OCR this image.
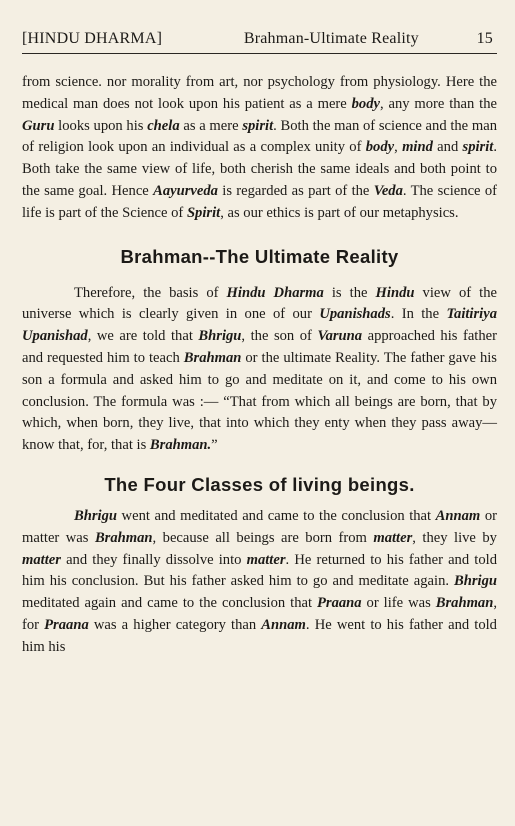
[HINDU DHARMA]	Brahman-Ultimate Reality	15

from science. nor morality from art, nor psychology from physiology. Here the medical man does not look upon his patient as a mere body, any more than the Guru looks upon his chela as a mere spirit. Both the man of science and the man of religion look upon an individual as a complex unity of body, mind and spirit. Both take the same view of life, both cherish the same ideals and both point to the same goal. Hence Aayurveda is regarded as part of the Veda. The science of life is part of the Science of Spirit, as our ethics is part of our metaphysics.

Brahman--The Ultimate Reality

Therefore, the basis of Hindu Dharma is the Hindu view of the universe which is clearly given in one of our Upanishads. In the Taitiriya Upanishad, we are told that Bhrigu, the son of Varuna approached his father and requested him to teach Brahman or the ultimate Reality. The father gave his son a formula and asked him to go and meditate on it, and come to his own conclusion. The formula was :— “That from which all beings are born, that by which, when born, they live, that into which they enty when they pass away—know that, for, that is Brahman.”

The Four Classes of living beings.

Bhrigu went and meditated and came to the conclusion that Annam or matter was Brahman, because all beings are born from matter, they live by matter and they finally dissolve into matter. He returned to his father and told him his conclusion. But his father asked him to go and meditate again. Bhrigu meditated again and came to the conclusion that Praana or life was Brahman, for Praana was a higher category than Annam. He went to his father and told him his
